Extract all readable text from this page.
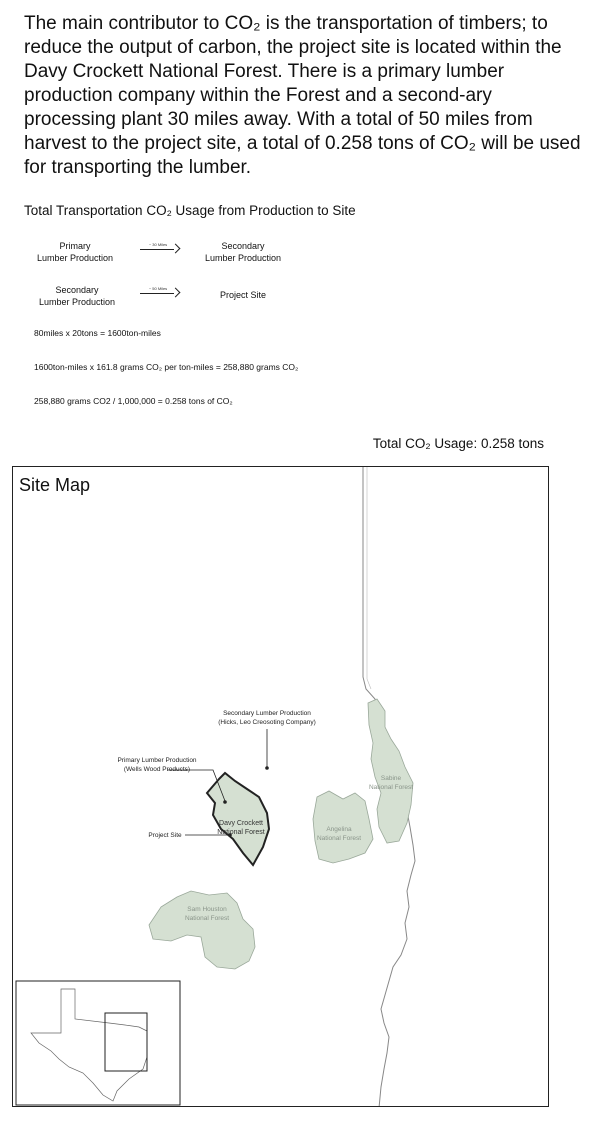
The main contributor to CO₂ is the transportation of timbers; to reduce the output of carbon, the project site is located within the Davy Crockett National Forest. There is a primary lumber production company within the Forest and a second-ary processing plant 30 miles away. With a total of 50 miles from harvest to the project site, a total of 0.258 tons of CO₂ will be used for transporting the lumber.

Total Transportation CO₂ Usage from Production to Site
Primary
Lumber Production
~ 30 Miles	Secondary
Lumber Production
Secondary
Lumber Production
~ 50 Miles
Project Site

80miles x 20tons = 1600ton-miles

1600ton-miles x 161.8 grams CO₂ per ton-miles = 258,880 grams CO₂

258,880 grams CO2 / 1,000,000 = 0.258 tons of CO₂

Total CO₂ Usage: 0.258 tons

Site Map
Secondary Lumber Production
(Hicks, Leo Creosoting Company)
Primary Lumber Production
(Wells Wood Products)
Project Site
Davy Crockett
National Forest	Angelina
National Forest
Sabine
National Forest
Sam Houston
National Forest
